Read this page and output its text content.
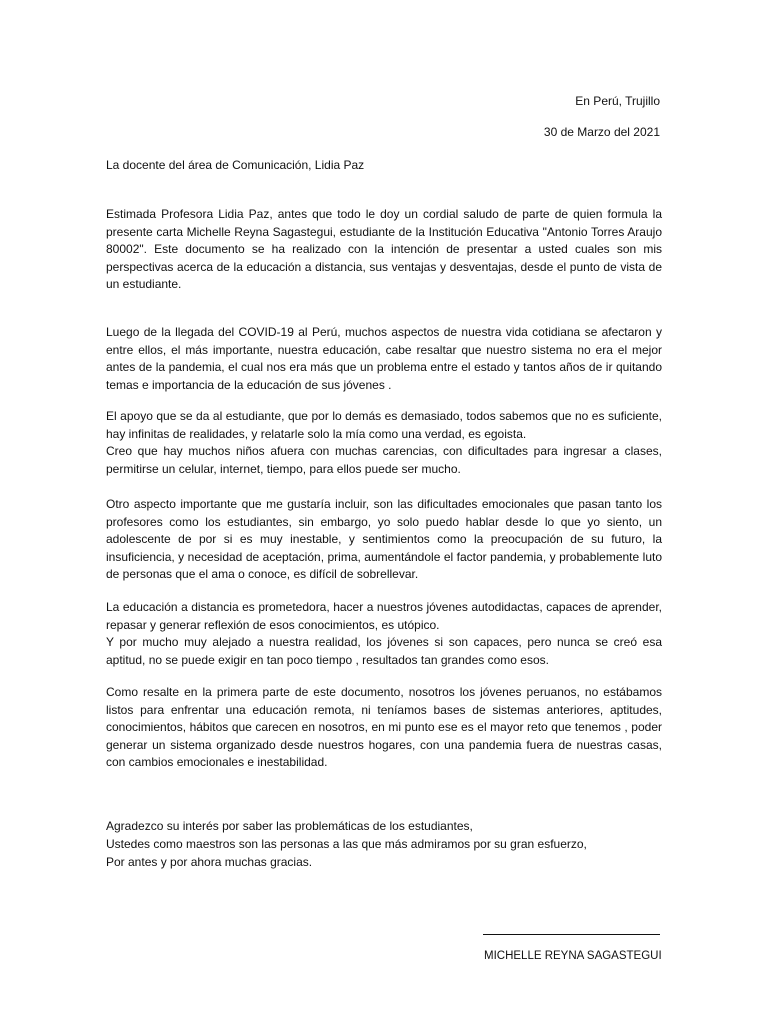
En Perú, Trujillo
30 de Marzo del 2021
La docente del área de Comunicación, Lidia Paz

Estimada Profesora Lidia Paz, antes que todo le doy un cordial saludo de parte de quien formula la presente carta Michelle Reyna Sagastegui, estudiante de la Institución Educativa "Antonio Torres Araujo 80002". Este documento se ha realizado con la intención de presentar a usted cuales son mis perspectivas acerca de la educación a distancia, sus ventajas y desventajas, desde el punto de vista de un estudiante.

Luego de la llegada del COVID-19 al Perú, muchos aspectos de nuestra vida cotidiana se afectaron y entre ellos, el más importante, nuestra educación, cabe resaltar que nuestro sistema no era el mejor antes de la pandemia, el cual nos era más que un problema entre el estado y tantos años de ir quitando temas e importancia de la educación de sus jóvenes .

El apoyo que se da al estudiante, que por lo demás es demasiado, todos sabemos que no es suficiente, hay infinitas de realidades, y relatarle solo la mía como una verdad, es egoista.
Creo que hay muchos niños afuera con muchas carencias, con dificultades para ingresar a clases, permitirse un celular, internet, tiempo, para ellos puede ser mucho.

Otro aspecto importante que me gustaría incluir, son las dificultades emocionales que pasan tanto los profesores como los estudiantes, sin embargo, yo solo puedo hablar desde lo que yo siento, un adolescente de por si es muy inestable, y sentimientos como la preocupación de su futuro, la insuficiencia, y necesidad de aceptación, prima, aumentándole el factor pandemia, y probablemente luto de personas que el ama o conoce, es difícil de sobrellevar.

La educación a distancia es prometedora, hacer a nuestros jóvenes autodidactas, capaces de aprender, repasar y generar reflexión de esos conocimientos, es utópico.
Y por mucho muy alejado a nuestra realidad, los jóvenes si son capaces, pero nunca se creó esa aptitud, no se puede exigir en tan poco tiempo , resultados tan grandes como esos.

Como resalte en la primera parte de este documento, nosotros los jóvenes peruanos, no estábamos listos para enfrentar una educación remota, ni teníamos bases de sistemas anteriores, aptitudes, conocimientos, hábitos que carecen en nosotros, en mi punto ese es el mayor reto que tenemos , poder generar un sistema organizado desde nuestros hogares, con una pandemia fuera de nuestras casas, con cambios emocionales e inestabilidad.

Agradezco su interés por saber las problemáticas de los estudiantes,
Ustedes como maestros son las personas a las que más admiramos por su gran esfuerzo,
Por antes y por ahora muchas gracias.
MICHELLE REYNA SAGASTEGUI
